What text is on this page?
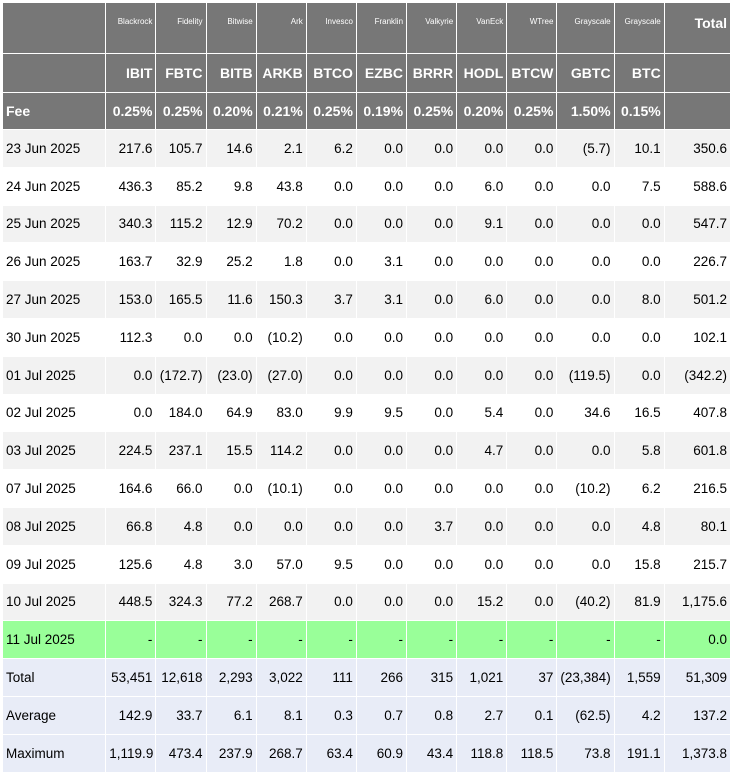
	Blackrock	Fidelity	Bitwise	Ark	Invesco	Franklin	Valkyrie	VanEck	WTree	Grayscale	Grayscale	Total
	IBIT	FBTC	BITB	ARKB	BTCO	EZBC	BRRR	HODL	BTCW	GBTC	BTC	
Fee	0.25%	0.25%	0.20%	0.21%	0.25%	0.19%	0.25%	0.20%	0.25%	1.50%	0.15%	
23 Jun 2025	217.6	105.7	14.6	2.1	6.2	0.0	0.0	0.0	0.0	(5.7)	10.1	350.6
24 Jun 2025	436.3	85.2	9.8	43.8	0.0	0.0	0.0	6.0	0.0	0.0	7.5	588.6
25 Jun 2025	340.3	115.2	12.9	70.2	0.0	0.0	0.0	9.1	0.0	0.0	0.0	547.7
26 Jun 2025	163.7	32.9	25.2	1.8	0.0	3.1	0.0	0.0	0.0	0.0	0.0	226.7
27 Jun 2025	153.0	165.5	11.6	150.3	3.7	3.1	0.0	6.0	0.0	0.0	8.0	501.2
30 Jun 2025	112.3	0.0	0.0	(10.2)	0.0	0.0	0.0	0.0	0.0	0.0	0.0	102.1
01 Jul 2025	0.0	(172.7)	(23.0)	(27.0)	0.0	0.0	0.0	0.0	0.0	(119.5)	0.0	(342.2)
02 Jul 2025	0.0	184.0	64.9	83.0	9.9	9.5	0.0	5.4	0.0	34.6	16.5	407.8
03 Jul 2025	224.5	237.1	15.5	114.2	0.0	0.0	0.0	4.7	0.0	0.0	5.8	601.8
07 Jul 2025	164.6	66.0	0.0	(10.1)	0.0	0.0	0.0	0.0	0.0	(10.2)	6.2	216.5
08 Jul 2025	66.8	4.8	0.0	0.0	0.0	0.0	3.7	0.0	0.0	0.0	4.8	80.1
09 Jul 2025	125.6	4.8	3.0	57.0	9.5	0.0	0.0	0.0	0.0	0.0	15.8	215.7
10 Jul 2025	448.5	324.3	77.2	268.7	0.0	0.0	0.0	15.2	0.0	(40.2)	81.9	1,175.6
11 Jul 2025	-	-	-	-	-	-	-	-	-	-	-	0.0
Total	53,451	12,618	2,293	3,022	111	266	315	1,021	37	(23,384)	1,559	51,309
Average	142.9	33.7	6.1	8.1	0.3	0.7	0.8	2.7	0.1	(62.5)	4.2	137.2
Maximum	1,119.9	473.4	237.9	268.7	63.4	60.9	43.4	118.8	118.5	73.8	191.1	1,373.8
